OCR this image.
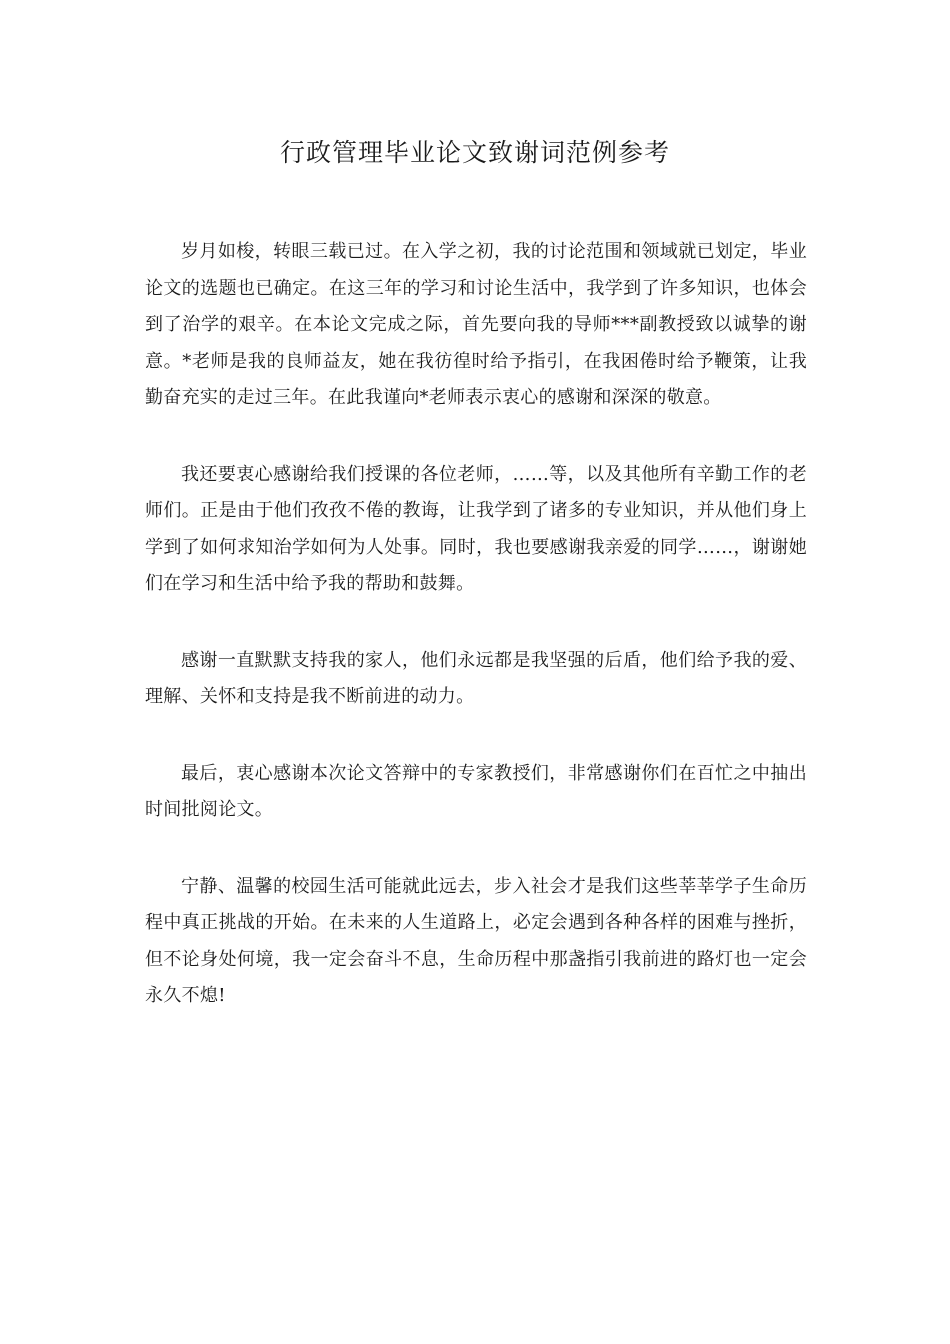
行政管理毕业论文致谢词范例参考

岁月如梭，转眼三载已过。在入学之初，我的讨论范围和领域就已划定，毕业论文的选题也已确定。在这三年的学习和讨论生活中，我学到了许多知识，也体会到了治学的艰辛。在本论文完成之际，首先要向我的导师***副教授致以诚挚的谢意。*老师是我的良师益友，她在我彷徨时给予指引，在我困倦时给予鞭策，让我勤奋充实的走过三年。在此我谨向*老师表示衷心的感谢和深深的敬意。

我还要衷心感谢给我们授课的各位老师，……等，以及其他所有辛勤工作的老师们。正是由于他们孜孜不倦的教诲，让我学到了诸多的专业知识，并从他们身上学到了如何求知治学如何为人处事。同时，我也要感谢我亲爱的同学……，谢谢她们在学习和生活中给予我的帮助和鼓舞。

感谢一直默默支持我的家人，他们永远都是我坚强的后盾，他们给予我的爱、理解、关怀和支持是我不断前进的动力。

最后，衷心感谢本次论文答辩中的专家教授们，非常感谢你们在百忙之中抽出时间批阅论文。

宁静、温馨的校园生活可能就此远去，步入社会才是我们这些莘莘学子生命历程中真正挑战的开始。在未来的人生道路上，必定会遇到各种各样的困难与挫折，但不论身处何境，我一定会奋斗不息，生命历程中那盏指引我前进的路灯也一定会永久不熄!
